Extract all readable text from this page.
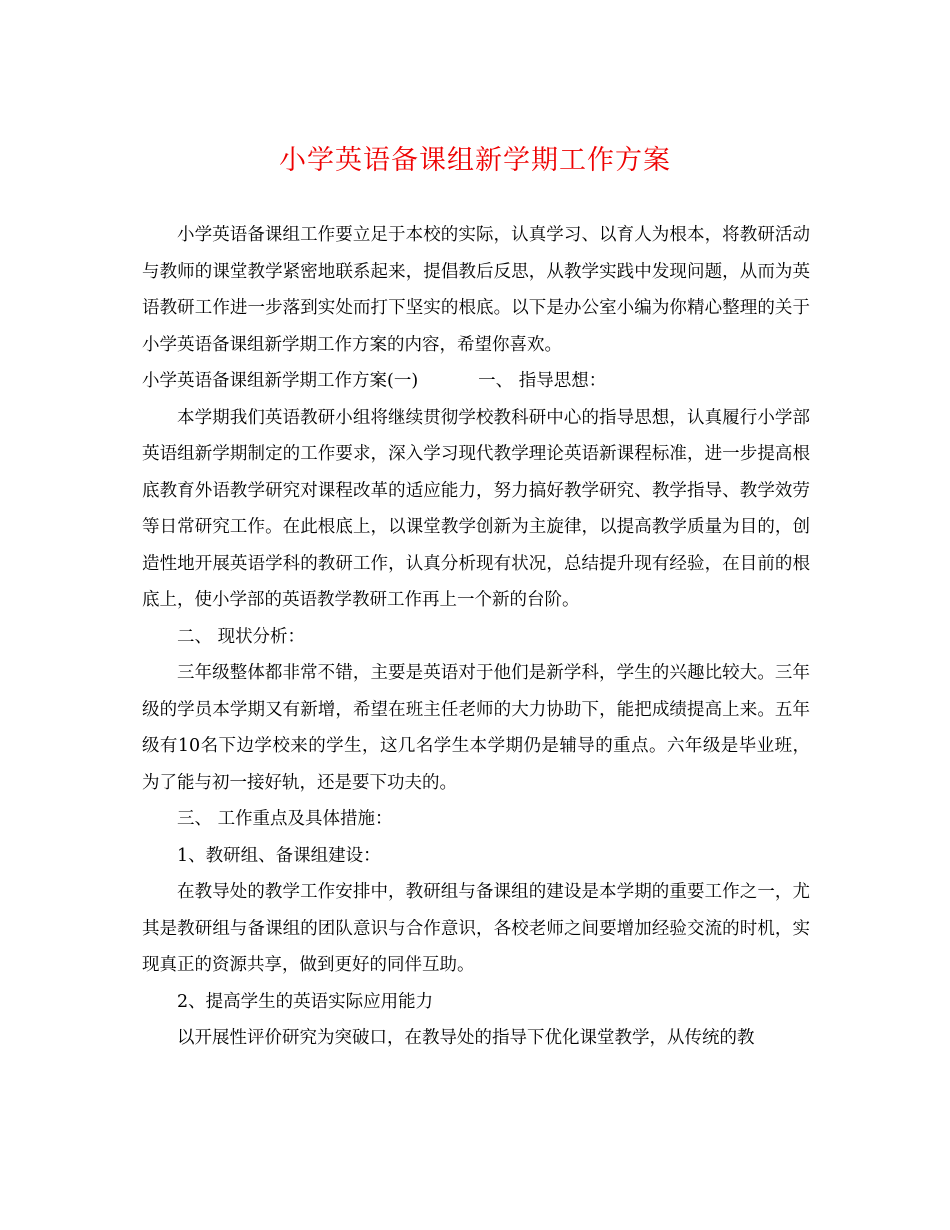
小学英语备课组新学期工作方案

小学英语备课组工作要立足于本校的实际，认真学习、以育人为根本，将教研活动与教师的课堂教学紧密地联系起来，提倡教后反思，从教学实践中发现问题，从而为英语教研工作进一步落到实处而打下坚实的根底。以下是办公室小编为你精心整理的关于小学英语备课组新学期工作方案的内容，希望你喜欢。

小学英语备课组新学期工作方案(一)	一、 指导思想：

本学期我们英语教研小组将继续贯彻学校教科研中心的指导思想，认真履行小学部英语组新学期制定的工作要求，深入学习现代教学理论英语新课程标准，进一步提高根底教育外语教学研究对课程改革的适应能力，努力搞好教学研究、教学指导、教学效劳等日常研究工作。在此根底上，以课堂教学创新为主旋律，以提高教学质量为目的，创造性地开展英语学科的教研工作，认真分析现有状况，总结提升现有经验，在目前的根底上，使小学部的英语教学教研工作再上一个新的台阶。

二、 现状分析：

三年级整体都非常不错，主要是英语对于他们是新学科，学生的兴趣比较大。三年级的学员本学期又有新增，希望在班主任老师的大力协助下，能把成绩提高上来。五年级有10名下边学校来的学生，这几名学生本学期仍是辅导的重点。六年级是毕业班，为了能与初一接好轨，还是要下功夫的。

三、 工作重点及具体措施：

1、教研组、备课组建设：

在教导处的教学工作安排中，教研组与备课组的建设是本学期的重要工作之一，尤其是教研组与备课组的团队意识与合作意识，各校老师之间要增加经验交流的时机，实现真正的资源共享，做到更好的同伴互助。

2、提高学生的英语实际应用能力

以开展性评价研究为突破口，在教导处的指导下优化课堂教学，从传统的教
